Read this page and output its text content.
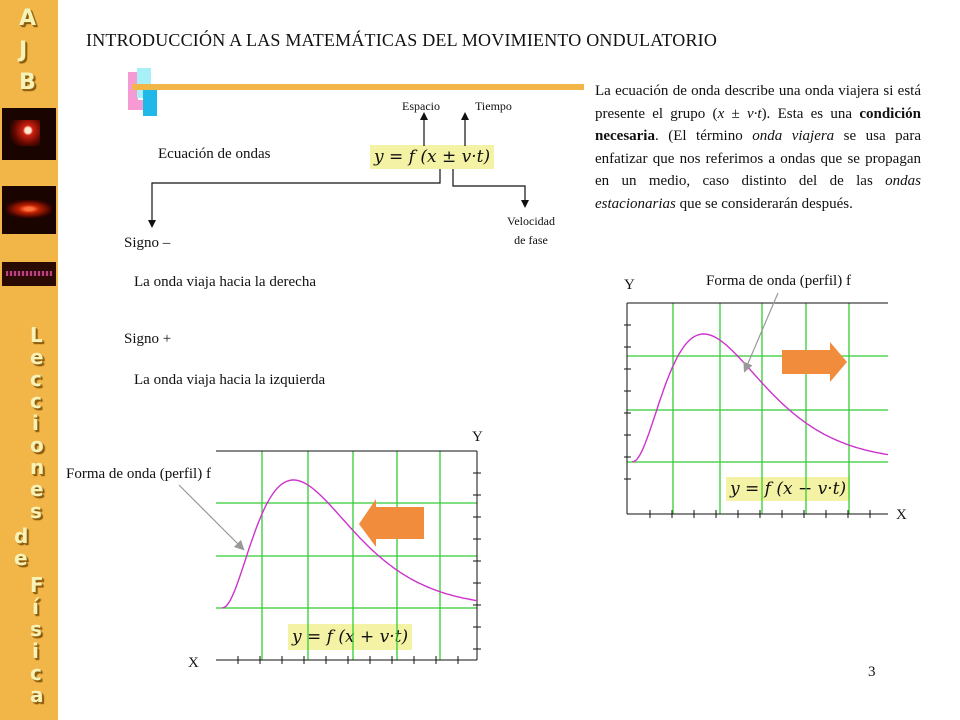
A
J
B
L
e
c
c
i
o
n
e
s
d
e
F
í
s
i
c
a
INTRODUCCIÓN A LAS MATEMÁTICAS DEL MOVIMIENTO ONDULATORIO
Ecuación de ondas
Espacio	Tiempo
Velocidad
de fase
y = f (x ± v·t)
Signo –
La onda viaja hacia la derecha
Signo +
La onda viaja hacia la izquierda
La ecuación de onda describe una onda viajera si está presente el grupo (x ± v·t). Esta es una condición necesaria. (El término onda viajera se usa para enfatizar que nos referimos a ondas que se propagan en un medio, caso distinto del de las ondas estacionarias que se considerarán después.
Y
X
Forma de onda (perfil) f
y = f (x − v·t)
Y
X
Forma de onda (perfil) f
y = f (x + v·t)
3
